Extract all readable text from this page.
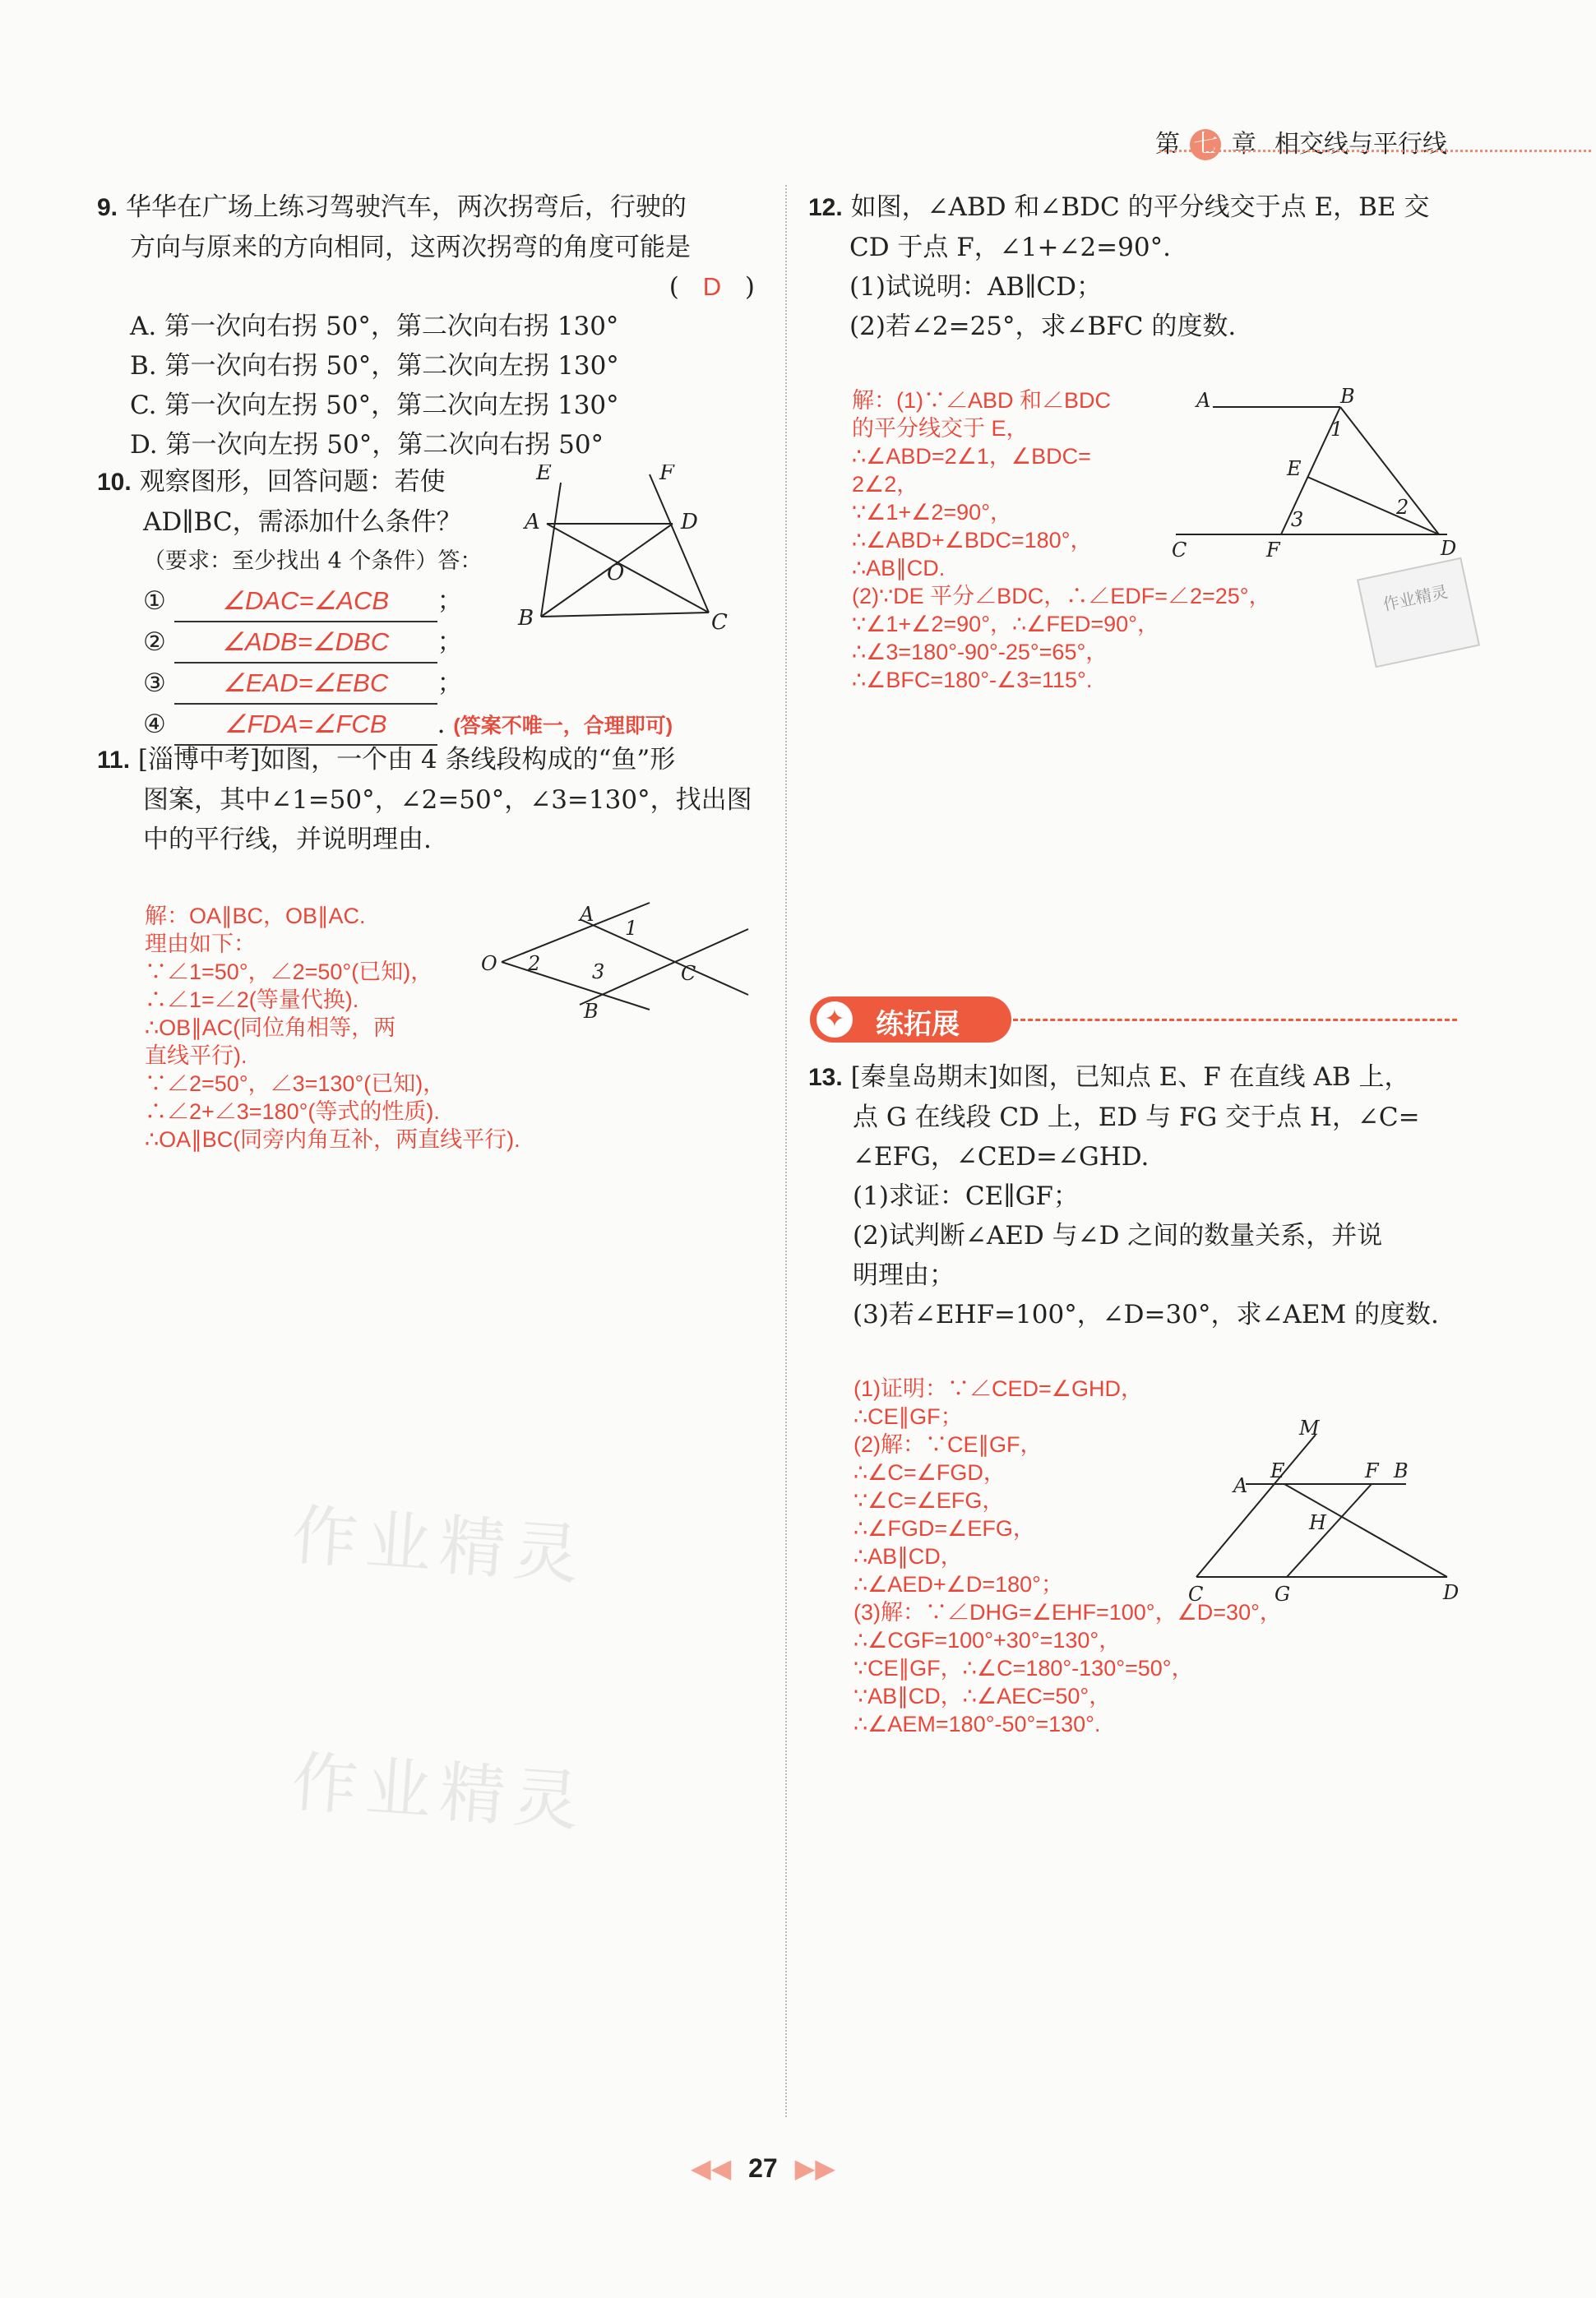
第 七 章 相交线与平行线
9. 华华在广场上练习驾驶汽车，两次拐弯后，行驶的
方向与原来的方向相同，这两次拐弯的角度可能是
( D )
A. 第一次向右拐 50°，第二次向右拐 130°
B. 第一次向右拐 50°，第二次向左拐 130°
C. 第一次向左拐 50°，第二次向左拐 130°
D. 第一次向左拐 50°，第二次向右拐 50°
10. 观察图形，回答问题：若使
AD∥BC，需添加什么条件？
（要求：至少找出 4 个条件）答：
① ∠DAC=∠ACB ；
② ∠ADB=∠DBC ；
③ ∠EAD=∠EBC ；
④ ∠FDA=∠FCB . (答案不唯一，合理即可)
E	F
A	D
O
B	C
11. [淄博中考]如图，一个由 4 条线段构成的“鱼”形
图案，其中∠1=50°，∠2=50°，∠3=130°，找出图
中的平行线，并说明理由.
解：OA∥BC，OB∥AC.
理由如下：
∵∠1=50°，∠2=50°(已知)，
∴∠1=∠2(等量代换).
∴OB∥AC(同位角相等，两
直线平行).
∵∠2=50°，∠3=130°(已知)，
∴∠2+∠3=180°(等式的性质).
∴OA∥BC(同旁内角互补，两直线平行).
A
1
O 2	3	C
B
12. 如图，∠ABD 和∠BDC 的平分线交于点 E，BE 交
CD 于点 F，∠1+∠2=90°.
(1)试说明：AB∥CD；
(2)若∠2=25°，求∠BFC 的度数.
解：(1)∵∠ABD 和∠BDC
的平分线交于 E，
∴∠ABD=2∠1，∠BDC=
2∠2，
∵∠1+∠2=90°，
∴∠ABD+∠BDC=180°，
∴AB∥CD.
(2)∵DE 平分∠BDC，∴∠EDF=∠2=25°，
∵∠1+∠2=90°，∴∠FED=90°，
∴∠3=180°-90°-25°=65°，
∴∠BFC=180°-∠3=115°.
A	B
1
E
2
3
C	F	D
作业精灵
✦ 练拓展
13. [秦皇岛期末]如图，已知点 E、F 在直线 AB 上，
点 G 在线段 CD 上，ED 与 FG 交于点 H，∠C=
∠EFG，∠CED=∠GHD.
(1)求证：CE∥GF；
(2)试判断∠AED 与∠D 之间的数量关系，并说
明理由；
(3)若∠EHF=100°，∠D=30°，求∠AEM 的度数.
(1)证明：∵∠CED=∠GHD，
∴CE∥GF；
(2)解：∵CE∥GF，
∴∠C=∠FGD，
∵∠C=∠EFG，
∴∠FGD=∠EFG，
∴AB∥CD，
∴∠AED+∠D=180°；
(3)解：∵∠DHG=∠EHF=100°，∠D=30°，
∴∠CGF=100°+30°=130°，
∵CE∥GF，∴∠C=180°-130°=50°，
∵AB∥CD，∴∠AEC=50°，
∴∠AEM=180°-50°=130°.
M
A
E	F B
H
C	G	D
作业精灵
作业精灵
◀◀ 27 ▶▶
